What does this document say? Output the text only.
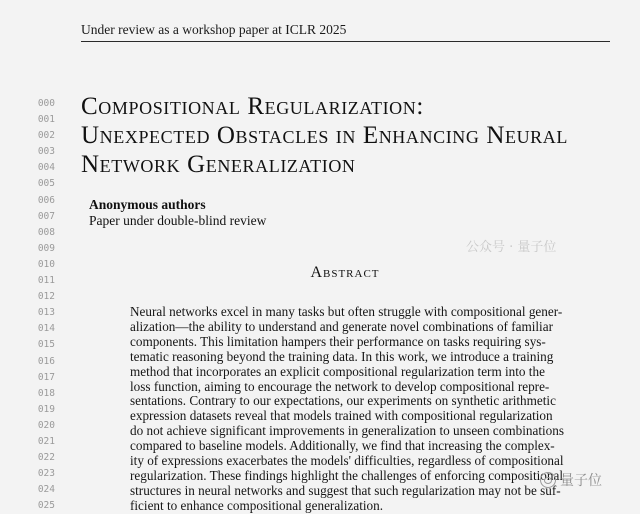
Under review as a workshop paper at ICLR 2025
000
001
002
003
004
005
006
007
008
009
010
011
012
013
014
015
016
017
018
019
020
021
022
023
024
025
Compositional Regularization:
Unexpected Obstacles in Enhancing Neural
Network Generalization
Anonymous authors
Paper under double-blind review
Abstract
Neural networks excel in many tasks but often struggle with compositional gener-
alization—the ability to understand and generate novel combinations of familiar
components. This limitation hampers their performance on tasks requiring sys-
tematic reasoning beyond the training data. In this work, we introduce a training
method that incorporates an explicit compositional regularization term into the
loss function, aiming to encourage the network to develop compositional repre-
sentations. Contrary to our expectations, our experiments on synthetic arithmetic
expression datasets reveal that models trained with compositional regularization
do not achieve significant improvements in generalization to unseen combinations
compared to baseline models. Additionally, we find that increasing the complex-
ity of expressions exacerbates the models' difficulties, regardless of compositional
regularization. These findings highlight the challenges of enforcing compositional
structures in neural networks and suggest that such regularization may not be suf-
ficient to enhance compositional generalization.
公众号 · 量子位
量子位
